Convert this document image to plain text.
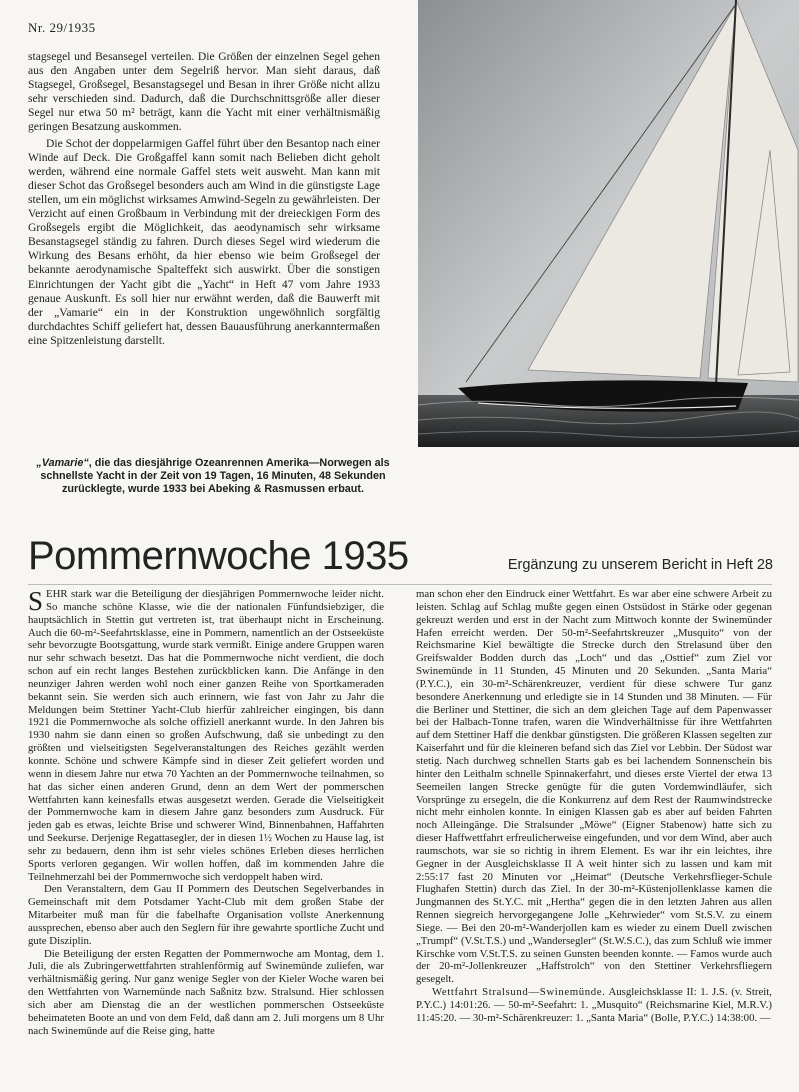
Nr. 29/1935

stagsegel und Besansegel verteilen. Die Größen der einzelnen Segel gehen aus den Angaben unter dem Segelriß hervor. Man sieht daraus, daß Stagsegel, Großsegel, Besanstagsegel und Besan in ihrer Größe nicht allzu sehr verschieden sind. Dadurch, daß die Durchschnittsgröße aller dieser Segel nur etwa 50 m² beträgt, kann die Yacht mit einer verhältnismäßig geringen Besatzung auskommen.

Die Schot der doppelarmigen Gaffel führt über den Besantop nach einer Winde auf Deck. Die Großgaffel kann somit nach Belieben dicht geholt werden, während eine normale Gaffel stets weit ausweht. Man kann mit dieser Schot das Großsegel besonders auch am Wind in die günstigste Lage stellen, um ein möglichst wirksames Amwind-Segeln zu gewährleisten. Der Verzicht auf einen Großbaum in Verbindung mit der dreieckigen Form des Großsegels ergibt die Möglichkeit, das aeodynamisch sehr wirksame Besanstagsegel ständig zu fahren. Durch dieses Segel wird wiederum die Wirkung des Besans erhöht, da hier ebenso wie beim Großsegel der bekannte aerodynamische Spalteffekt sich auswirkt. Über die sonstigen Einrichtungen der Yacht gibt die „Yacht“ in Heft 47 vom Jahre 1933 genaue Auskunft. Es soll hier nur erwähnt werden, daß die Bauwerft mit der „Vamarie“ ein in der Konstruktion ungewöhnlich sorgfältig durchdachtes Schiff geliefert hat, dessen Bauausführung anerkanntermaßen eine Spitzenleistung darstellt.

„Vamarie“, die das diesjährige Ozeanrennen Amerika—Norwegen als schnellste Yacht in der Zeit von 19 Tagen, 16 Minuten, 48 Sekunden zurücklegte, wurde 1933 bei Abeking & Rasmussen erbaut.
Pommernwoche 1935	Ergänzung zu unserem Bericht in Heft 28

SEHR stark war die Beteiligung der diesjährigen Pommernwoche leider nicht. So manche schöne Klasse, wie die der nationalen Fünfundsiebziger, die hauptsächlich in Stettin gut vertreten ist, trat überhaupt nicht in Erscheinung. Auch die 60-m²-Seefahrtsklasse, eine in Pommern, namentlich an der Ostseeküste sehr bevorzugte Bootsgattung, wurde stark vermißt. Einige andere Gruppen waren nur sehr schwach besetzt. Das hat die Pommernwoche nicht verdient, die doch schon auf ein recht langes Bestehen zurückblicken kann. Die Anfänge in den neunziger Jahren werden wohl noch einer ganzen Reihe von Sportkameraden bekannt sein. Sie werden sich auch erinnern, wie fast von Jahr zu Jahr die Meldungen beim Stettiner Yacht-Club hierfür zahlreicher eingingen, bis dann 1921 die Pommernwoche als solche offiziell anerkannt wurde. In den Jahren bis 1930 nahm sie dann einen so großen Aufschwung, daß sie unbedingt zu den größten und vielseitigsten Segelveranstaltungen des Reiches gezählt werden konnte. Schöne und schwere Kämpfe sind in dieser Zeit geliefert worden und wenn in diesem Jahre nur etwa 70 Yachten an der Pommernwoche teilnahmen, so hat das sicher einen anderen Grund, denn an dem Wert der pommerschen Wettfahrten kann keinesfalls etwas ausgesetzt werden. Gerade die Vielseitigkeit der Pommernwoche kam in diesem Jahre ganz besonders zum Ausdruck. Für jeden gab es etwas, leichte Brise und schwerer Wind, Binnenbahnen, Haffahrten und Seekurse. Derjenige Regattasegler, der in diesen 1½ Wochen zu Hause lag, ist sehr zu bedauern, denn ihm ist sehr vieles schönes Erleben dieses herrlichen Sports verloren gegangen. Wir wollen hoffen, daß im kommenden Jahre die Teilnehmerzahl bei der Pommernwoche sich verdoppelt haben wird.

Den Veranstaltern, dem Gau II Pommern des Deutschen Segelverbandes in Gemeinschaft mit dem Potsdamer Yacht-Club mit dem großen Stabe der Mitarbeiter muß man für die fabelhafte Organisation vollste Anerkennung aussprechen, ebenso aber auch den Seglern für ihre gewahrte sportliche Zucht und gute Disziplin.

Die Beteiligung der ersten Regatten der Pommernwoche am Montag, dem 1. Juli, die als Zubringerwettfahrten strahlenförmig auf Swinemünde zuliefen, war verhältnismäßig gering. Nur ganz wenige Segler von der Kieler Woche waren bei den Wettfahrten von Warnemünde nach Saßnitz bzw. Stralsund. Hier schlossen sich aber am Dienstag die an der westlichen pommerschen Ostseeküste beheimateten Boote an und von dem Feld, daß dann am 2. Juli morgens um 8 Uhr nach Swinemünde auf die Reise ging, hatte

man schon eher den Eindruck einer Wettfahrt. Es war aber eine schwere Arbeit zu leisten. Schlag auf Schlag mußte gegen einen Ostsüdost in Stärke oder gegenan gekreuzt werden und erst in der Nacht zum Mittwoch konnte der Swinemünder Hafen erreicht werden. Der 50-m²-Seefahrtskreuzer „Musquito“ von der Reichsmarine Kiel bewältigte die Strecke durch den Strelasund über den Greifswalder Bodden durch das „Loch“ und das „Osttief“ zum Ziel vor Swinemünde in 11 Stunden, 45 Minuten und 20 Sekunden. „Santa Maria“ (P.Y.C.), ein 30-m²-Schärenkreuzer, verdient für diese schwere Tur ganz besondere Anerkennung und erledigte sie in 14 Stunden und 38 Minuten. — Für die Berliner und Stettiner, die sich an dem gleichen Tage auf dem Papenwasser bei der Halbach-Tonne trafen, waren die Windverhältnisse für ihre Wettfahrten auf dem Stettiner Haff die denkbar günstigsten. Die größeren Klassen segelten zur Kaiserfahrt und für die kleineren befand sich das Ziel vor Lebbin. Der Südost war stetig. Nach durchweg schnellen Starts gab es bei lachendem Sonnenschein bis hinter den Leithalm schnelle Spinnakerfahrt, und dieses erste Viertel der etwa 13 Seemeilen langen Strecke genügte für die guten Vordemwindläufer, sich Vorsprünge zu ersegeln, die die Konkurrenz auf dem Rest der Raumwindstrecke nicht mehr einholen konnte. In einigen Klassen gab es aber auf beiden Fahrten noch Alleingänge. Die Stralsunder „Möwe“ (Eigner Stabenow) hatte sich zu dieser Haffwettfahrt erfreulicherweise eingefunden, und vor dem Wind, aber auch raumschots, war sie so richtig in ihrem Element. Es war ihr ein leichtes, ihre Gegner in der Ausgleichsklasse II A weit hinter sich zu lassen und kam mit 2:55:17 fast 20 Minuten vor „Heimat“ (Deutsche Verkehrsflieger-Schule Flughafen Stettin) durch das Ziel. In der 30-m²-Küstenjollenklasse kamen die Jungmannen des St.Y.C. mit „Hertha“ gegen die in den letzten Jahren aus allen Rennen siegreich hervorgegangene Jolle „Kehrwieder“ vom St.S.V. zu einem Siege. — Bei den 20-m²-Wanderjollen kam es wieder zu einem Duell zwischen „Trumpf“ (V.St.T.S.) und „Wandersegler“ (St.W.S.C.), das zum Schluß wie immer Kirschke vom V.St.T.S. zu seinen Gunsten beenden konnte. — Famos wurde auch der 20-m²-Jollenkreuzer „Haffstrolch“ von den Stettiner Verkehrsfliegern gesegelt.

Wettfahrt Stralsund—Swinemünde. Ausgleichsklasse II: 1. J.S. (v. Streit, P.Y.C.) 14:01:26. — 50-m²-Seefahrt: 1. „Musquito“ (Reichsmarine Kiel, M.R.V.) 11:45:20. — 30-m²-Schärenkreuzer: 1. „Santa Maria“ (Bolle, P.Y.C.) 14:38:00. —
